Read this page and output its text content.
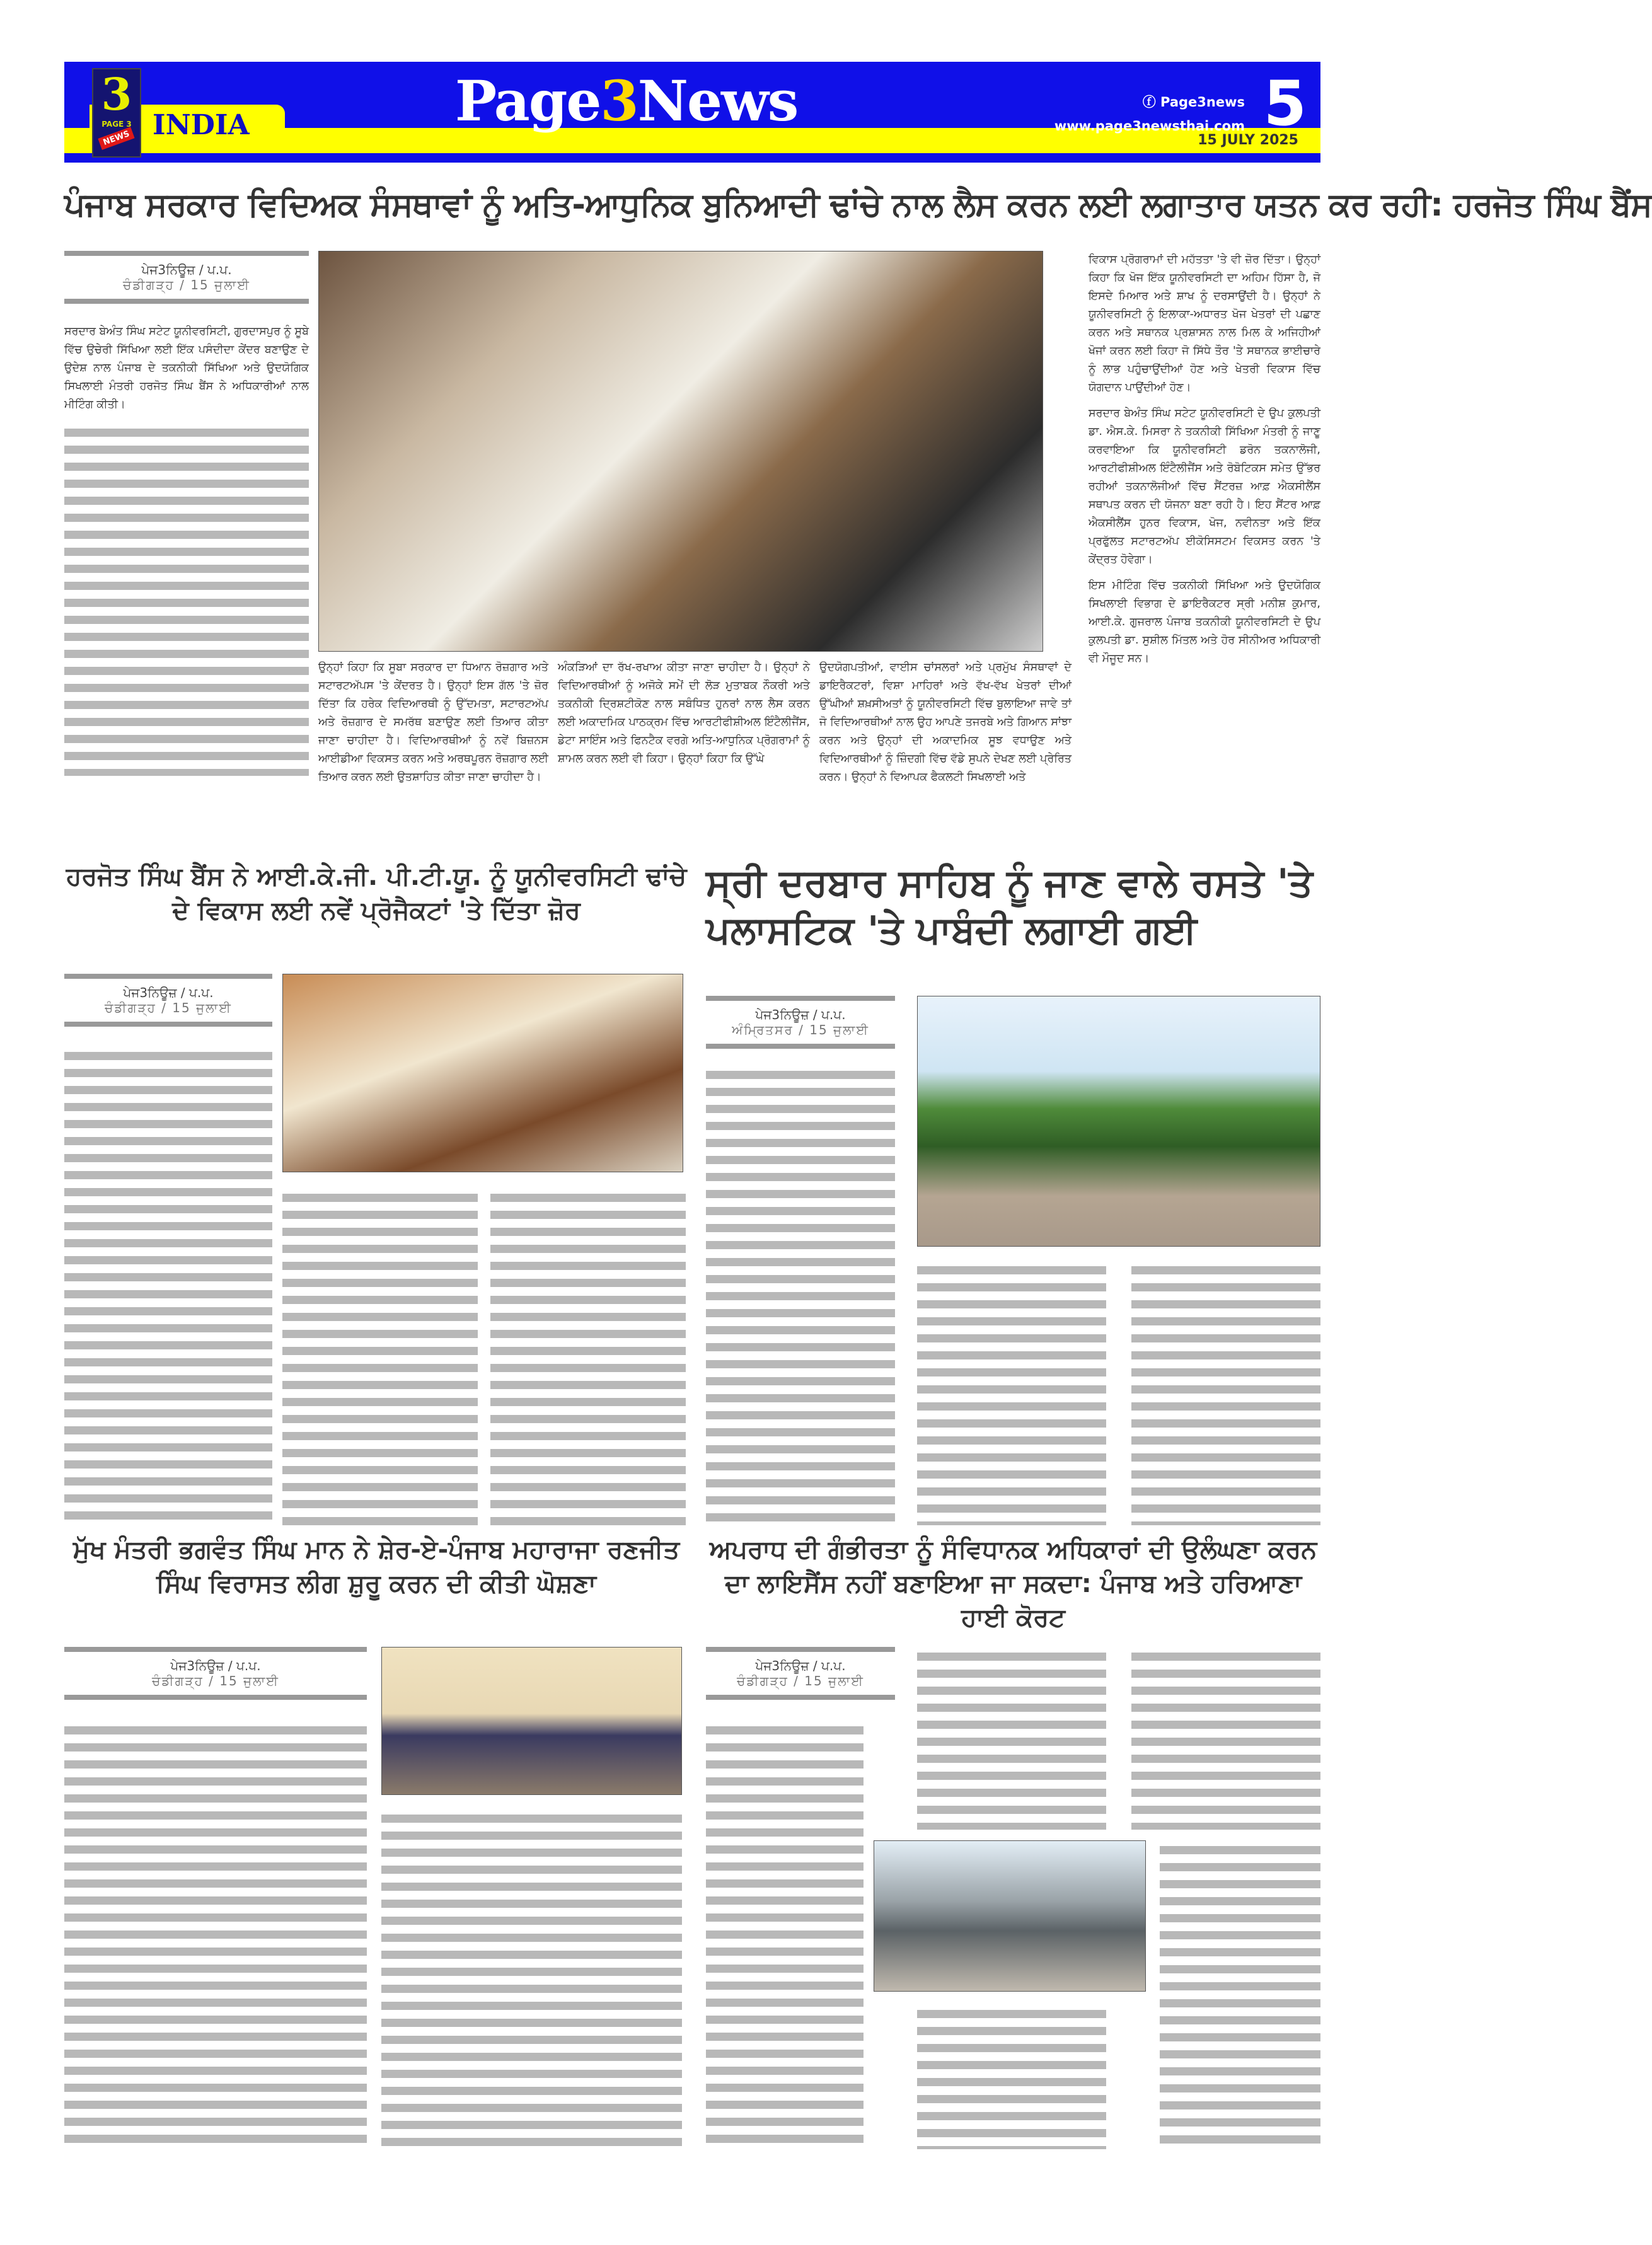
3
PAGE 3
NEWS INDIA	Page3News	ⓕ Page3news
www.page3newsthai.com 5
15 JULY 2025
ਪੰਜਾਬ ਸਰਕਾਰ ਵਿਦਿਅਕ ਸੰਸਥਾਵਾਂ ਨੂੰ ਅਤਿ-ਆਧੁਨਿਕ ਬੁਨਿਆਦੀ ਢਾਂਚੇ ਨਾਲ ਲੈਸ ਕਰਨ ਲਈ ਲਗਾਤਾਰ ਯਤਨ ਕਰ ਰਹੀ: ਹਰਜੋਤ ਸਿੰਘ ਬੈਂਸ
ਪੇਜ3ਨਿਊਜ਼ / ਪ.ਪ.
ਚੰਡੀਗੜ੍ਹ / 15 ਜੁਲਾਈ
ਸਰਦਾਰ ਬੇਅੰਤ ਸਿੰਘ ਸਟੇਟ ਯੂਨੀਵਰਸਿਟੀ, ਗੁਰਦਾਸਪੁਰ ਨੂੰ ਸੂਬੇ ਵਿੱਚ ਉਚੇਰੀ ਸਿੱਖਿਆ ਲਈ ਇੱਕ ਪਸੰਦੀਦਾ ਕੇਂਦਰ ਬਣਾਉਣ ਦੇ ਉਦੇਸ਼ ਨਾਲ ਪੰਜਾਬ ਦੇ ਤਕਨੀਕੀ ਸਿੱਖਿਆ ਅਤੇ ਉਦਯੋਗਿਕ ਸਿਖਲਾਈ ਮੰਤਰੀ ਹਰਜੋਤ ਸਿੰਘ ਬੈਂਸ ਨੇ ਅਧਿਕਾਰੀਆਂ ਨਾਲ ਮੀਟਿੰਗ ਕੀਤੀ।
ਉਨ੍ਹਾਂ ਕਿਹਾ ਕਿ ਸੂਬਾ ਸਰਕਾਰ ਦਾ ਧਿਆਨ ਰੋਜ਼ਗਾਰ ਅਤੇ ਸਟਾਰਟਅੱਪਸ 'ਤੇ ਕੇਂਦਰਤ ਹੈ। ਉਨ੍ਹਾਂ ਇਸ ਗੱਲ 'ਤੇ ਜ਼ੋਰ ਦਿੱਤਾ ਕਿ ਹਰੇਕ ਵਿਦਿਆਰਥੀ ਨੂੰ ਉੱਦਮਤਾ, ਸਟਾਰਟਅੱਪ ਅਤੇ ਰੋਜ਼ਗਾਰ ਦੇ ਸਮਰੱਥ ਬਣਾਉਣ ਲਈ ਤਿਆਰ ਕੀਤਾ ਜਾਣਾ ਚਾਹੀਦਾ ਹੈ। ਵਿਦਿਆਰਥੀਆਂ ਨੂੰ ਨਵੇਂ ਬਿਜ਼ਨਸ ਆਈਡੀਆ ਵਿਕਸਤ ਕਰਨ ਅਤੇ ਅਰਥਪੂਰਨ ਰੋਜ਼ਗਾਰ ਲਈ ਤਿਆਰ ਕਰਨ ਲਈ ਉਤਸ਼ਾਹਿਤ ਕੀਤਾ ਜਾਣਾ ਚਾਹੀਦਾ ਹੈ।
ਅੰਕੜਿਆਂ ਦਾ ਰੱਖ-ਰਖਾਅ ਕੀਤਾ ਜਾਣਾ ਚਾਹੀਦਾ ਹੈ। ਉਨ੍ਹਾਂ ਨੇ ਵਿਦਿਆਰਥੀਆਂ ਨੂੰ ਅਜੋਕੇ ਸਮੇਂ ਦੀ ਲੋੜ ਮੁਤਾਬਕ ਨੌਕਰੀ ਅਤੇ ਤਕਨੀਕੀ ਦ੍ਰਿਸ਼ਟੀਕੋਣ ਨਾਲ ਸਬੰਧਿਤ ਹੁਨਰਾਂ ਨਾਲ ਲੈਸ ਕਰਨ ਲਈ ਅਕਾਦਮਿਕ ਪਾਠਕ੍ਰਮ ਵਿੱਚ ਆਰਟੀਫੀਸ਼ੀਅਲ ਇੰਟੈਲੀਜੈਂਸ, ਡੇਟਾ ਸਾਇੰਸ ਅਤੇ ਫਿਨਟੈਕ ਵਰਗੇ ਅਤਿ-ਆਧੁਨਿਕ ਪ੍ਰੋਗਰਾਮਾਂ ਨੂੰ ਸ਼ਾਮਲ ਕਰਨ ਲਈ ਵੀ ਕਿਹਾ। ਉਨ੍ਹਾਂ ਕਿਹਾ ਕਿ ਉੱਘੇ
ਉਦਯੋਗਪਤੀਆਂ, ਵਾਈਸ ਚਾਂਸਲਰਾਂ ਅਤੇ ਪ੍ਰਮੁੱਖ ਸੰਸਥਾਵਾਂ ਦੇ ਡਾਇਰੈਕਟਰਾਂ, ਵਿਸ਼ਾ ਮਾਹਿਰਾਂ ਅਤੇ ਵੱਖ-ਵੱਖ ਖੇਤਰਾਂ ਦੀਆਂ ਉੱਘੀਆਂ ਸ਼ਖ਼ਸੀਅਤਾਂ ਨੂੰ ਯੂਨੀਵਰਸਿਟੀ ਵਿੱਚ ਬੁਲਾਇਆ ਜਾਵੇ ਤਾਂ ਜੋ ਵਿਦਿਆਰਥੀਆਂ ਨਾਲ ਉਹ ਆਪਣੇ ਤਜਰਬੇ ਅਤੇ ਗਿਆਨ ਸਾਂਝਾ ਕਰਨ ਅਤੇ ਉਨ੍ਹਾਂ ਦੀ ਅਕਾਦਮਿਕ ਸੂਝ ਵਧਾਉਣ ਅਤੇ ਵਿਦਿਆਰਥੀਆਂ ਨੂੰ ਜ਼ਿੰਦਗੀ ਵਿੱਚ ਵੱਡੇ ਸੁਪਨੇ ਦੇਖਣ ਲਈ ਪ੍ਰੇਰਿਤ ਕਰਨ। ਉਨ੍ਹਾਂ ਨੇ ਵਿਆਪਕ ਫੈਕਲਟੀ ਸਿਖਲਾਈ ਅਤੇ

ਵਿਕਾਸ ਪ੍ਰੋਗਰਾਮਾਂ ਦੀ ਮਹੱਤਤਾ 'ਤੇ ਵੀ ਜ਼ੋਰ ਦਿੱਤਾ। ਉਨ੍ਹਾਂ ਕਿਹਾ ਕਿ ਖੋਜ ਇੱਕ ਯੂਨੀਵਰਸਿਟੀ ਦਾ ਅਹਿਮ ਹਿੱਸਾ ਹੈ, ਜੋ ਇਸਦੇ ਮਿਆਰ ਅਤੇ ਸ਼ਾਖ ਨੂੰ ਦਰਸਾਉਂਦੀ ਹੈ। ਉਨ੍ਹਾਂ ਨੇ ਯੂਨੀਵਰਸਿਟੀ ਨੂੰ ਇਲਾਕਾ-ਅਧਾਰਤ ਖੋਜ ਖੇਤਰਾਂ ਦੀ ਪਛਾਣ ਕਰਨ ਅਤੇ ਸਥਾਨਕ ਪ੍ਰਸ਼ਾਸਨ ਨਾਲ ਮਿਲ ਕੇ ਅਜਿਹੀਆਂ ਖੋਜਾਂ ਕਰਨ ਲਈ ਕਿਹਾ ਜੋ ਸਿੱਧੇ ਤੌਰ 'ਤੇ ਸਥਾਨਕ ਭਾਈਚਾਰੇ ਨੂੰ ਲਾਭ ਪਹੁੰਚਾਉਂਦੀਆਂ ਹੋਣ ਅਤੇ ਖੇਤਰੀ ਵਿਕਾਸ ਵਿੱਚ ਯੋਗਦਾਨ ਪਾਉਂਦੀਆਂ ਹੋਣ।

ਸਰਦਾਰ ਬੇਅੰਤ ਸਿੰਘ ਸਟੇਟ ਯੂਨੀਵਰਸਿਟੀ ਦੇ ਉਪ ਕੁਲਪਤੀ ਡਾ. ਐਸ.ਕੇ. ਮਿਸਰਾ ਨੇ ਤਕਨੀਕੀ ਸਿੱਖਿਆ ਮੰਤਰੀ ਨੂੰ ਜਾਣੂ ਕਰਵਾਇਆ ਕਿ ਯੂਨੀਵਰਸਿਟੀ ਡਰੋਨ ਤਕਨਾਲੋਜੀ, ਆਰਟੀਫੀਸ਼ੀਅਲ ਇੰਟੈਲੀਜੈਂਸ ਅਤੇ ਰੋਬੋਟਿਕਸ ਸਮੇਤ ਉੱਭਰ ਰਹੀਆਂ ਤਕਨਾਲੋਜੀਆਂ ਵਿੱਚ ਸੈਂਟਰਜ਼ ਆਫ਼ ਐਕਸੀਲੈਂਸ ਸਥਾਪਤ ਕਰਨ ਦੀ ਯੋਜਨਾ ਬਣਾ ਰਹੀ ਹੈ। ਇਹ ਸੈਂਟਰ ਆਫ਼ ਐਕਸੀਲੈਂਸ ਹੁਨਰ ਵਿਕਾਸ, ਖੋਜ, ਨਵੀਨਤਾ ਅਤੇ ਇੱਕ ਪ੍ਰਫੁੱਲਤ ਸਟਾਰਟਅੱਪ ਈਕੋਸਿਸਟਮ ਵਿਕਸਤ ਕਰਨ 'ਤੇ ਕੇਂਦ੍ਰਤ ਹੋਵੇਗਾ।

ਇਸ ਮੀਟਿੰਗ ਵਿੱਚ ਤਕਨੀਕੀ ਸਿੱਖਿਆ ਅਤੇ ਉਦਯੋਗਿਕ ਸਿਖਲਾਈ ਵਿਭਾਗ ਦੇ ਡਾਇਰੈਕਟਰ ਸ੍ਰੀ ਮਨੀਸ਼ ਕੁਮਾਰ, ਆਈ.ਕੇ. ਗੁਜਰਾਲ ਪੰਜਾਬ ਤਕਨੀਕੀ ਯੂਨੀਵਰਸਿਟੀ ਦੇ ਉਪ ਕੁਲਪਤੀ ਡਾ. ਸੁਸ਼ੀਲ ਮਿੱਤਲ ਅਤੇ ਹੋਰ ਸੀਨੀਅਰ ਅਧਿਕਾਰੀ ਵੀ ਮੌਜੂਦ ਸਨ।

ਹਰਜੋਤ ਸਿੰਘ ਬੈਂਸ ਨੇ ਆਈ.ਕੇ.ਜੀ. ਪੀ.ਟੀ.ਯੂ. ਨੂੰ ਯੂਨੀਵਰਸਿਟੀ ਢਾਂਚੇ ਦੇ ਵਿਕਾਸ ਲਈ ਨਵੇਂ ਪ੍ਰੋਜੈਕਟਾਂ 'ਤੇ ਦਿੱਤਾ ਜ਼ੋਰ
ਪੇਜ3ਨਿਊਜ਼ / ਪ.ਪ.
ਚੰਡੀਗੜ੍ਹ / 15 ਜੁਲਾਈ
ਸ੍ਰੀ ਦਰਬਾਰ ਸਾਹਿਬ ਨੂੰ ਜਾਣ ਵਾਲੇ ਰਸਤੇ 'ਤੇ ਪਲਾਸਟਿਕ 'ਤੇ ਪਾਬੰਦੀ ਲਗਾਈ ਗਈ
ਪੇਜ3ਨਿਊਜ਼ / ਪ.ਪ.
ਅੰਮ੍ਰਿਤਸਰ / 15 ਜੁਲਾਈ
ਮੁੱਖ ਮੰਤਰੀ ਭਗਵੰਤ ਸਿੰਘ ਮਾਨ ਨੇ ਸ਼ੇਰ-ਏ-ਪੰਜਾਬ ਮਹਾਰਾਜਾ ਰਣਜੀਤ ਸਿੰਘ ਵਿਰਾਸਤ ਲੀਗ ਸ਼ੁਰੂ ਕਰਨ ਦੀ ਕੀਤੀ ਘੋਸ਼ਣਾ
ਪੇਜ3ਨਿਊਜ਼ / ਪ.ਪ.
ਚੰਡੀਗੜ੍ਹ / 15 ਜੁਲਾਈ
ਅਪਰਾਧ ਦੀ ਗੰਭੀਰਤਾ ਨੂੰ ਸੰਵਿਧਾਨਕ ਅਧਿਕਾਰਾਂ ਦੀ ਉਲੰਘਣਾ ਕਰਨ ਦਾ ਲਾਇਸੈਂਸ ਨਹੀਂ ਬਣਾਇਆ ਜਾ ਸਕਦਾ: ਪੰਜਾਬ ਅਤੇ ਹਰਿਆਣਾ ਹਾਈ ਕੋਰਟ
ਪੇਜ3ਨਿਊਜ਼ / ਪ.ਪ.
ਚੰਡੀਗੜ੍ਹ / 15 ਜੁਲਾਈ
